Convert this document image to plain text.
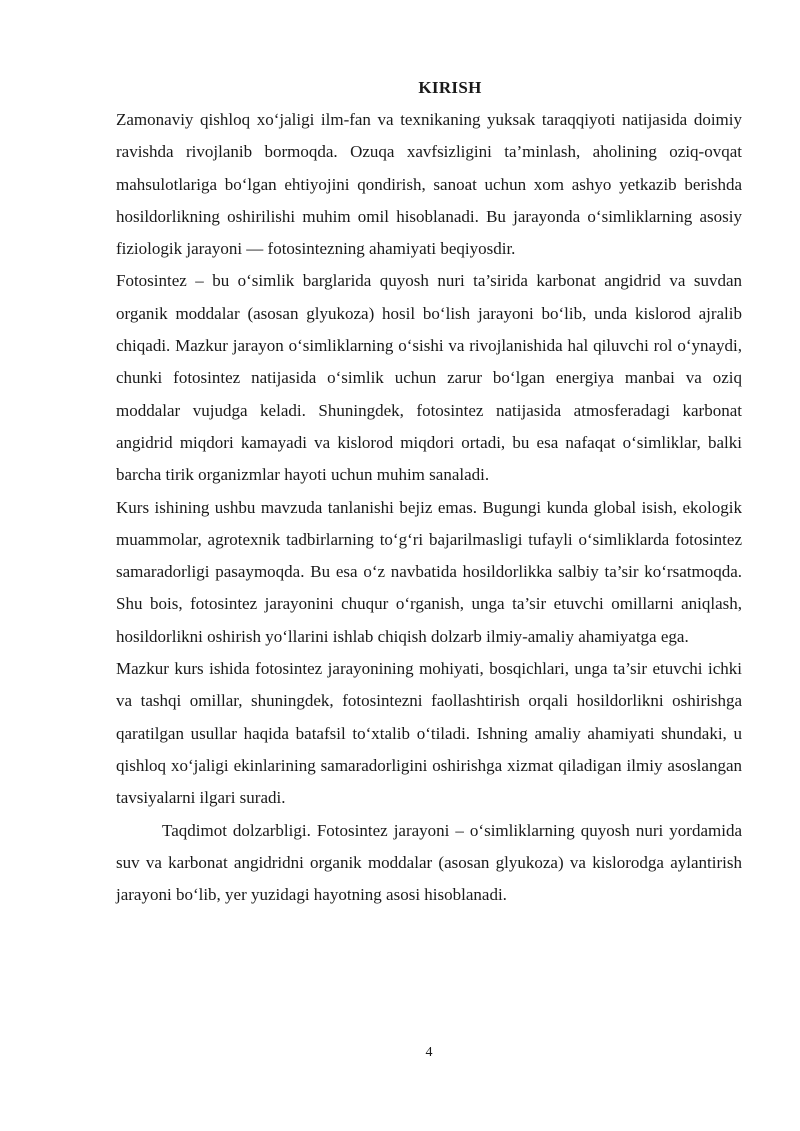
KIRISH

Zamonaviy qishloq xo‘jaligi ilm-fan va texnikaning yuksak taraqqiyoti natijasida doimiy ravishda rivojlanib bormoqda. Ozuqa xavfsizligini ta’minlash, aholining oziq-ovqat mahsulotlariga bo‘lgan ehtiyojini qondirish, sanoat uchun xom ashyo yetkazib berishda hosildorlikning oshirilishi muhim omil hisoblanadi. Bu jarayonda o‘simliklarning asosiy fiziologik jarayoni — fotosintezning ahamiyati beqiyosdir.

Fotosintez – bu o‘simlik barglarida quyosh nuri ta’sirida karbonat angidrid va suvdan organik moddalar (asosan glyukoza) hosil bo‘lish jarayoni bo‘lib, unda kislorod ajralib chiqadi. Mazkur jarayon o‘simliklarning o‘sishi va rivojlanishida hal qiluvchi rol o‘ynaydi, chunki fotosintez natijasida o‘simlik uchun zarur bo‘lgan energiya manbai va oziq moddalar vujudga keladi. Shuningdek, fotosintez natijasida atmosferadagi karbonat angidrid miqdori kamayadi va kislorod miqdori ortadi, bu esa nafaqat o‘simliklar, balki barcha tirik organizmlar hayoti uchun muhim sanaladi.

Kurs ishining ushbu mavzuda tanlanishi bejiz emas. Bugungi kunda global isish, ekologik muammolar, agrotexnik tadbirlarning to‘g‘ri bajarilmasligi tufayli o‘simliklarda fotosintez samaradorligi pasaymoqda. Bu esa o‘z navbatida hosildorlikka salbiy ta’sir ko‘rsatmoqda. Shu bois, fotosintez jarayonini chuqur o‘rganish, unga ta’sir etuvchi omillarni aniqlash, hosildorlikni oshirish yo‘llarini ishlab chiqish dolzarb ilmiy-amaliy ahamiyatga ega.

Mazkur kurs ishida fotosintez jarayonining mohiyati, bosqichlari, unga ta’sir etuvchi ichki va tashqi omillar, shuningdek, fotosintezni faollashtirish orqali hosildorlikni oshirishga qaratilgan usullar haqida batafsil to‘xtalib o‘tiladi. Ishning amaliy ahamiyati shundaki, u qishloq xo‘jaligi ekinlarining samaradorligini oshirishga xizmat qiladigan ilmiy asoslangan tavsiyalarni ilgari suradi.

Taqdimot dolzarbligi. Fotosintez jarayoni – o‘simliklarning quyosh nuri yordamida suv va karbonat angidridni organik moddalar (asosan glyukoza) va kislorodga aylantirish jarayoni bo‘lib, yer yuzidagi hayotning asosi hisoblanadi.

4
